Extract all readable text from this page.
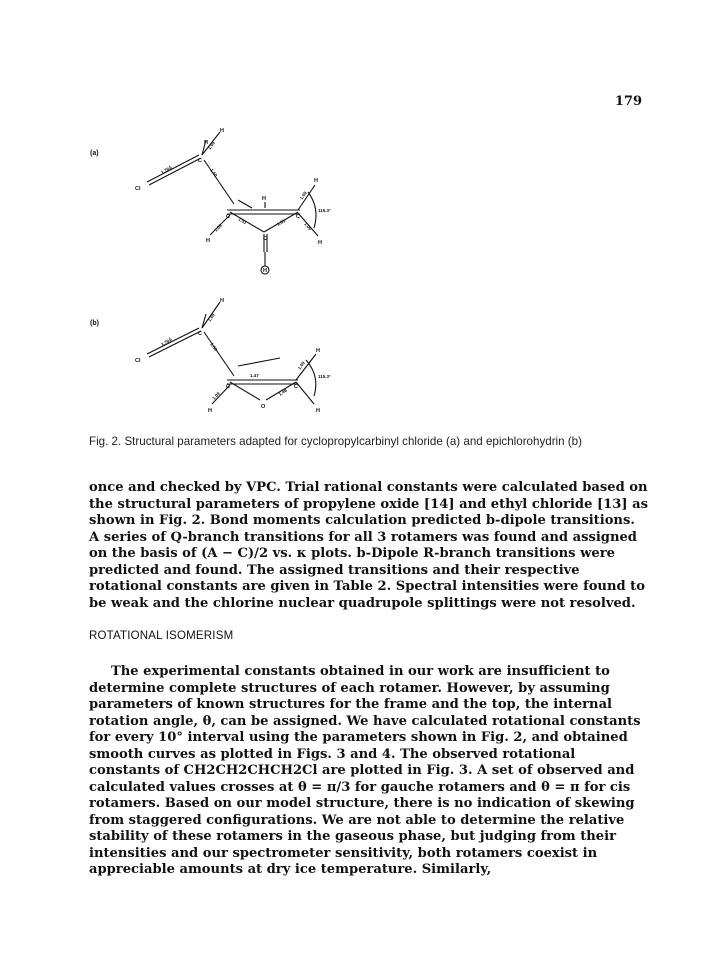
179
(a)
Cl
C
H
H
C	C
C
H	H
H
H
H
1.78Å	1.50
1.09
1.09
1.51	1.51	1.09
1.09
115.3°
(b)
Cl
C
H
C	C
O
H	H
H
1.78Å	1.50
1.09
1.47
1.09	1.48
1.09
115.3°
Fig. 2. Structural parameters adapted for cyclopropylcarbinyl chloride (a) and epichlorohydrin (b)

once and checked by VPC. Trial rational constants were calculated based on the structural parameters of propylene oxide [14] and ethyl chloride [13] as shown in Fig. 2. Bond moments calculation predicted b-dipole transitions. A series of Q-branch transitions for all 3 rotamers was found and assigned on the basis of (A − C)/2 vs. κ plots. b-Dipole R-branch transitions were predicted and found. The assigned transitions and their respective rotational constants are given in Table 2. Spectral intensities were found to be weak and the chlorine nuclear quadrupole splittings were not resolved.

ROTATIONAL ISOMERISM

The experimental constants obtained in our work are insufficient to determine complete structures of each rotamer. However, by assuming parameters of known structures for the frame and the top, the internal rotation angle, θ, can be assigned. We have calculated rotational constants for every 10° interval using the parameters shown in Fig. 2, and obtained smooth curves as plotted in Figs. 3 and 4. The observed rotational constants of CH2CH2CHCH2Cl are plotted in Fig. 3. A set of observed and calculated values crosses at θ = π/3 for gauche rotamers and θ = π for cis rotamers. Based on our model structure, there is no indication of skewing from staggered configurations. We are not able to determine the relative stability of these rotamers in the gaseous phase, but judging from their intensities and our spectrometer sensitivity, both rotamers coexist in appreciable amounts at dry ice temperature. Similarly,
